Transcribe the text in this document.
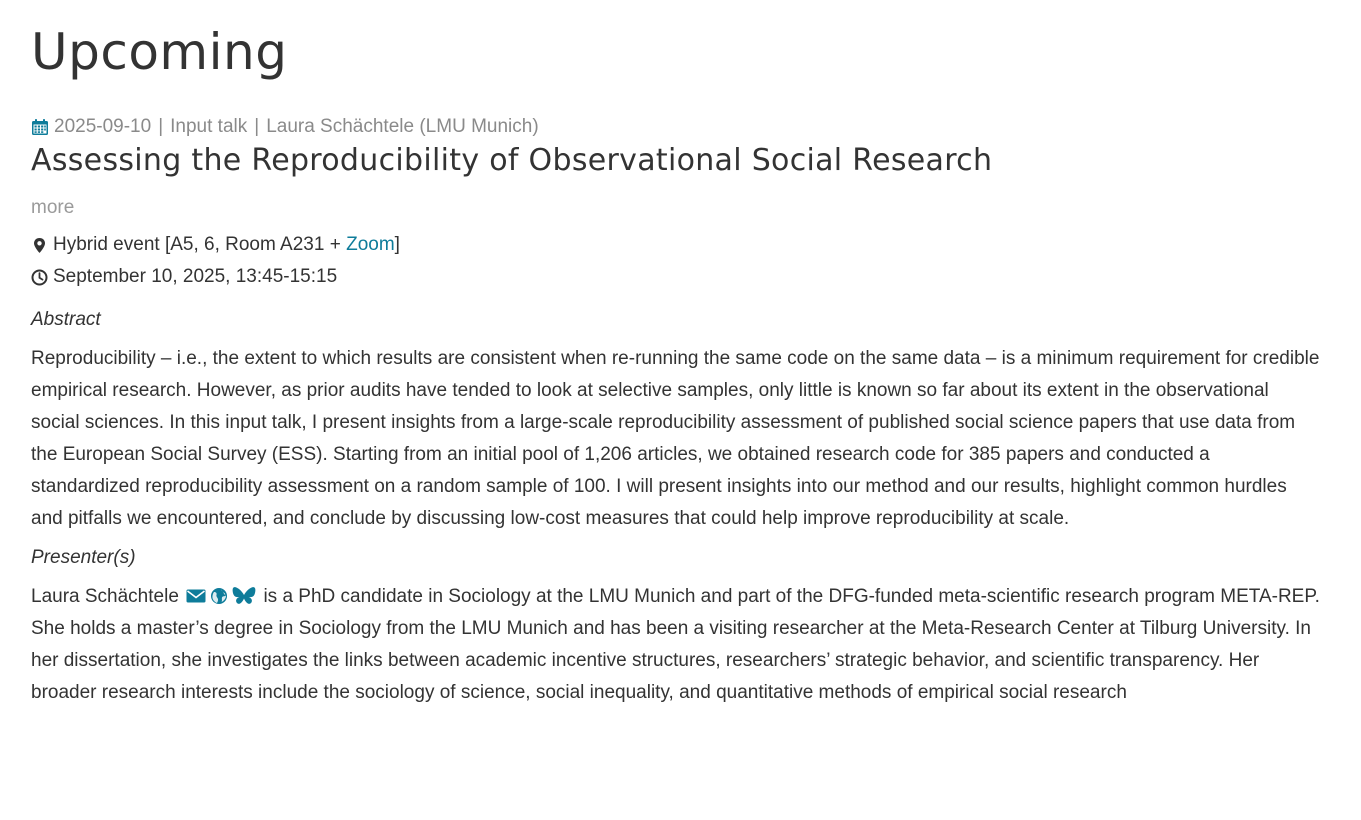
Upcoming
2025-09-10 | Input talk | Laura Schächtele (LMU Munich)
Assessing the Reproducibility of Observational Social Research
more
Hybrid event [A5, 6, Room A231 + Zoom ]
September 10, 2025, 13:45-15:15
Abstract

Reproducibility – i.e., the extent to which results are consistent when re-running the same code on the same data – is a minimum requirement for credible empirical research. However, as prior audits have tended to look at selective samples, only little is known so far about its extent in the observational social sciences. In this input talk, I present insights from a large-scale reproducibility assessment of published social science papers that use data from the European Social Survey (ESS). Starting from an initial pool of 1,206 articles, we obtained research code for 385 papers and conducted a standardized reproducibility assessment on a random sample of 100. I will present insights into our method and our results, highlight common hurdles and pitfalls we encountered, and conclude by discussing low-cost measures that could help improve reproducibility at scale.

Presenter(s)

Laura Schächtele	is a PhD candidate in Sociology at the LMU Munich and part of the DFG-funded meta-scientific research program META-REP. She holds a master’s degree in Sociology from the LMU Munich and has been a visiting researcher at the Meta-Research Center at Tilburg University. In her dissertation, she investigates the links between academic incentive structures, researchers’ strategic behavior, and scientific transparency. Her broader research interests include the sociology of science, social inequality, and quantitative methods of empirical social research
